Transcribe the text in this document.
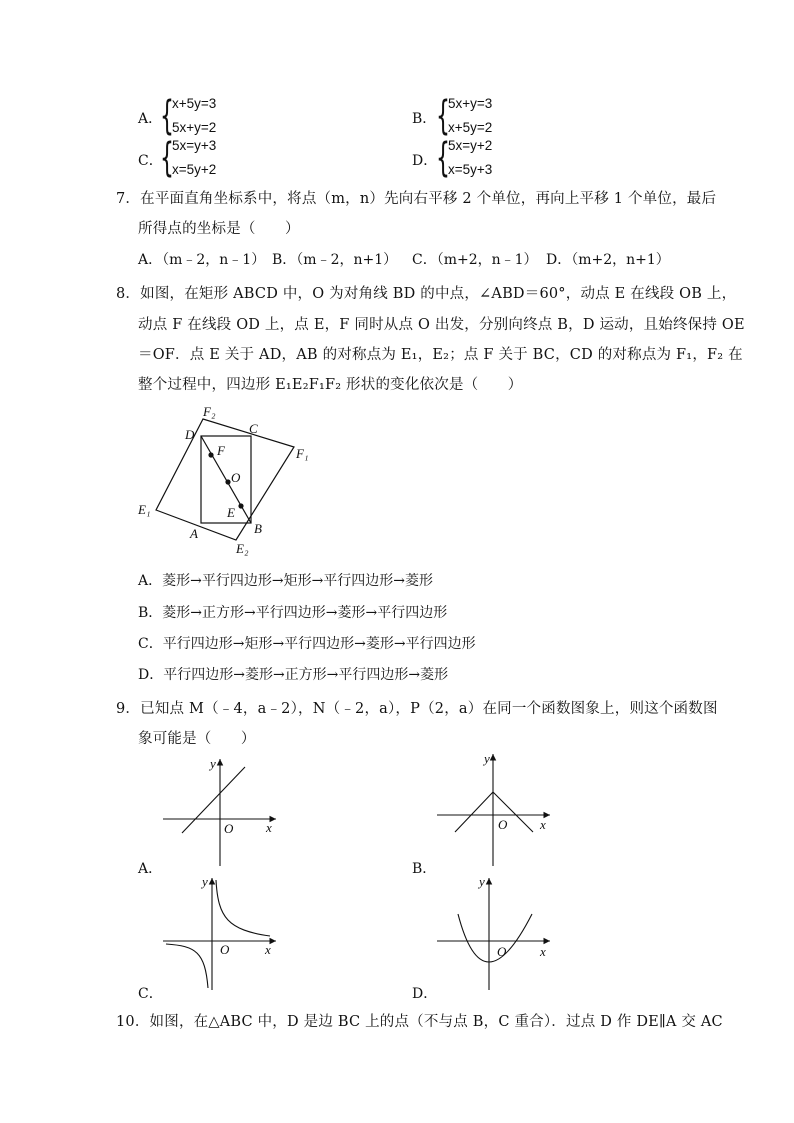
A．
{
x+5y=3
5x+y=2
B． {
5x+y=3
x+5y=2
C．
{
5x=y+3
x=5y+2
D．
{
5x=y+2
x=5y+3
7．在平面直角坐标系中，将点（m，n）先向右平移 2 个单位，再向上平移 1 个单位，最后
所得点的坐标是（　　）
A．（m﹣2，n﹣1） B．（m﹣2，n+1） C．（m+2，n﹣1） D．（m+2，n+1）
8．如图，在矩形 ABCD 中，O 为对角线 BD 的中点，∠ABD＝60°，动点 E 在线段 OB 上，
动点 F 在线段 OD 上，点 E，F 同时从点 O 出发，分别向终点 B，D 运动，且始终保持 OE
＝OF．点 E 关于 AD，AB 的对称点为 E₁，E₂；点 F 关于 BC，CD 的对称点为 F₁，F₂ 在
整个过程中，四边形 E₁E₂F₁F₂ 形状的变化依次是（　　）
F₂
D	C
F	F₁
O
E₁	E
A	B
E₂
A．菱形→平行四边形→矩形→平行四边形→菱形
B．菱形→正方形→平行四边形→菱形→平行四边形
C．平行四边形→矩形→平行四边形→菱形→平行四边形
D．平行四边形→菱形→正方形→平行四边形→菱形
9．已知点 M（﹣4，a﹣2），N（﹣2，a），P（2，a）在同一个函数图象上，则这个函数图
象可能是（　　）
y
x
O
A．
y
x
O
B．
y
x
O
C．
y
x
O
D．
10．如图，在△ABC 中，D 是边 BC 上的点（不与点 B，C 重合）．过点 D 作 DE∥A 交 AC
